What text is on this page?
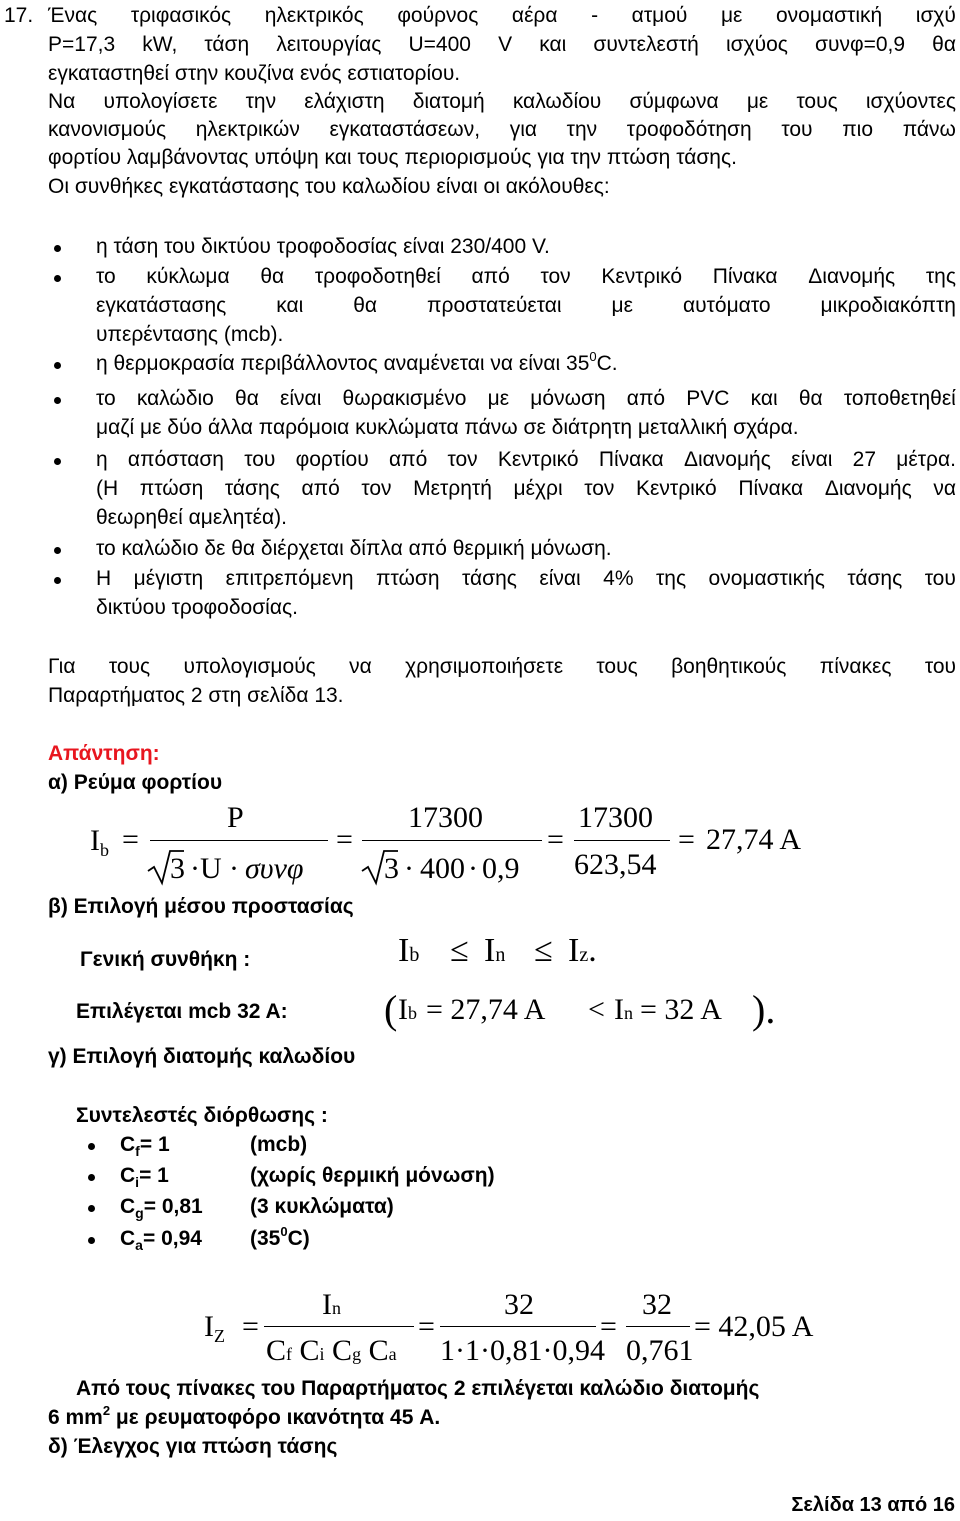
17. Ένας τριφασικός ηλεκτρικός φούρνος αέρα - ατμού με ονομαστική ισχύ
P=17,3 kW, τάση λειτουργίας U=400 V και συντελεστή ισχύος συνφ=0,9 θα
εγκαταστηθεί στην κουζίνα ενός εστιατορίου.
Να υπολογίσετε την ελάχιστη διατομή καλωδίου σύμφωνα με τους ισχύοντες
κανονισμούς ηλεκτρικών εγκαταστάσεων, για την τροφοδότηση του πιο πάνω
φορτίου λαμβάνοντας υπόψη και τους περιορισμούς για την πτώση τάσης.
Οι συνθήκες εγκατάστασης του καλωδίου είναι οι ακόλουθες:
η τάση του δικτύου τροφοδοσίας είναι 230/400 V.
το κύκλωμα θα τροφοδοτηθεί από τον Κεντρικό Πίνακα Διανομής της
εγκατάστασης και θα προστατεύεται με αυτόματο μικροδιακόπτη
υπερέντασης (mcb).
η θερμοκρασία περιβάλλοντος αναμένεται να είναι $35^0C$.
το καλώδιο θα είναι θωρακισμένο με μόνωση από PVC και θα τοποθετηθεί
μαζί με δύο άλλα παρόμοια κυκλώματα πάνω σε διάτρητη μεταλλική σχάρα.
η απόσταση του φορτίου από τον Κεντρικό Πίνακα Διανομής είναι 27 μέτρα.
(Η πτώση τάσης από τον Μετρητή μέχρι τον Κεντρικό Πίνακα Διανομής να
θεωρηθεί αμελητέα).
το καλώδιο δε θα διέρχεται δίπλα από θερμική μόνωση.
Η μέγιστη επιτρεπόμενη πτώση τάσης είναι 4% της ονομαστικής τάσης του
δικτύου τροφοδοσίας.
Για τους υπολογισμούς να χρησιμοποιήσετε τους βοηθητικούς πίνακες του
Παραρτήματος 2 στη σελίδα 13.
Απάντηση:
α) Ρεύμα φορτίου
$I_b$ =
P
3 · U · συνφ
=
17300
3 · 400 · 0,9
=
17300
623,54
= 27,74 A
β) Επιλογή μέσου προστασίας
Γενική συνθήκη :	Ib ≤ In ≤ Iz.
Επιλέγεται mcb 32 A: ( Ib = 27,74 A < In = 32 A ).
γ) Επιλογή διατομής καλωδίου
Συντελεστές διόρθωσης :
$C_f= 1$	(mcb)
$C_i= 1$	(χωρίς θερμική μόνωση)
$C_g= 0,81$ (3 κυκλώματα)
$C_a= 0,94$ $(35^0C)$
$I_Z$ =
In
Cf Ci Cg Ca
=
32
1·1·0,81·0,94
=
32
0,761
= 42,05 A
Από τους πίνακες του Παραρτήματος 2 επιλέγεται καλώδιο διατομής
6 $mm^2$ με ρευματοφόρο ικανότητα 45 A.
δ) Έλεγχος για πτώση τάσης
Σελίδα 13 από 16
